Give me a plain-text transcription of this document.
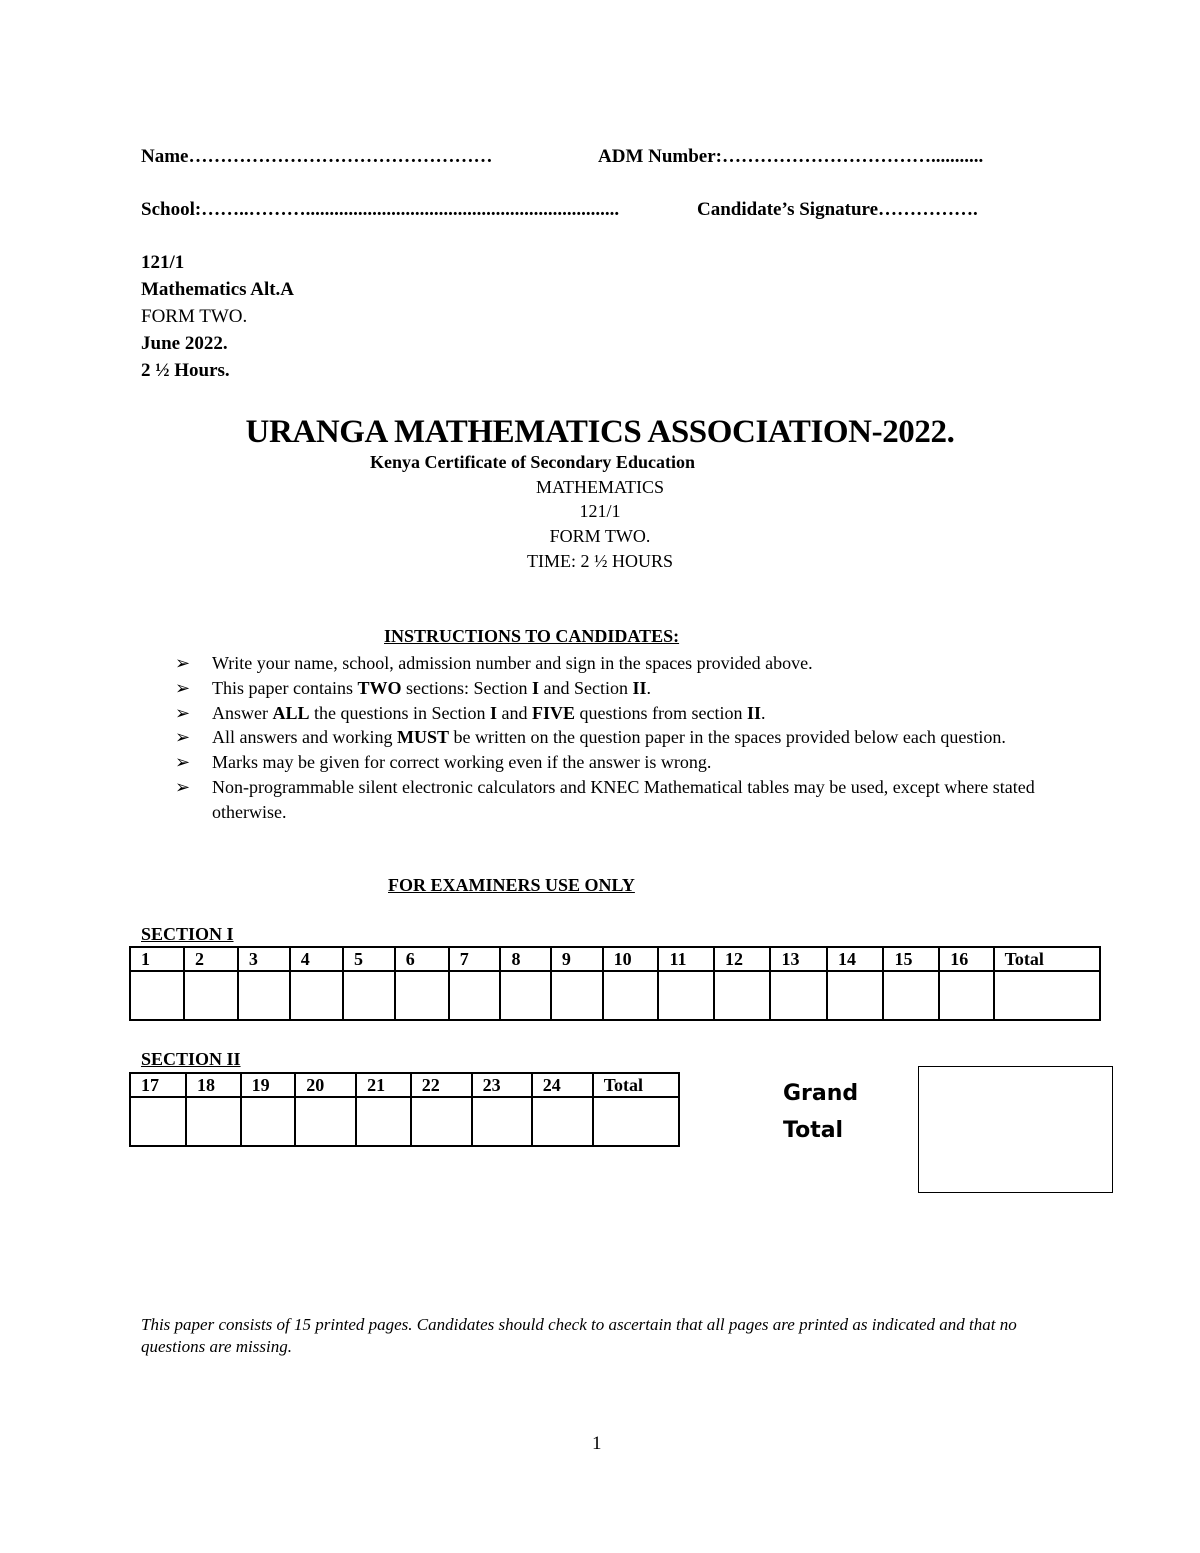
Name…………………………………………	ADM Number:……………………………...........
School:……..………..................................................................	Candidate’s Signature…………….
121/1
Mathematics Alt.A
FORM TWO.
June 2022.
2 ½ Hours.
URANGA MATHEMATICS ASSOCIATION-2022.
Kenya Certificate of Secondary Education
MATHEMATICS
121/1
FORM TWO.
TIME: 2 ½ HOURS
INSTRUCTIONS TO CANDIDATES:
➢ Write your name, school, admission number and sign in the spaces provided above.
➢ This paper contains TWO sections: Section I and Section II.
➢ Answer ALL the questions in Section I and FIVE questions from section II.
➢ All answers and working MUST be written on the question paper in the spaces provided below each question.
➢ Marks may be given for correct working even if the answer is wrong.
➢ Non-programmable silent electronic calculators and KNEC Mathematical tables may be used, except where stated otherwise.
FOR EXAMINERS USE ONLY
SECTION I
1	2	3	4	5	6	7	8	9	10	11	12	13	14	15	16	Total

SECTION II
17	18	19	20	21	22	23	24	Total
									Grand
Total
This paper consists of 15 printed pages. Candidates should check to ascertain that all pages are printed as indicated and that no questions are missing.
1
